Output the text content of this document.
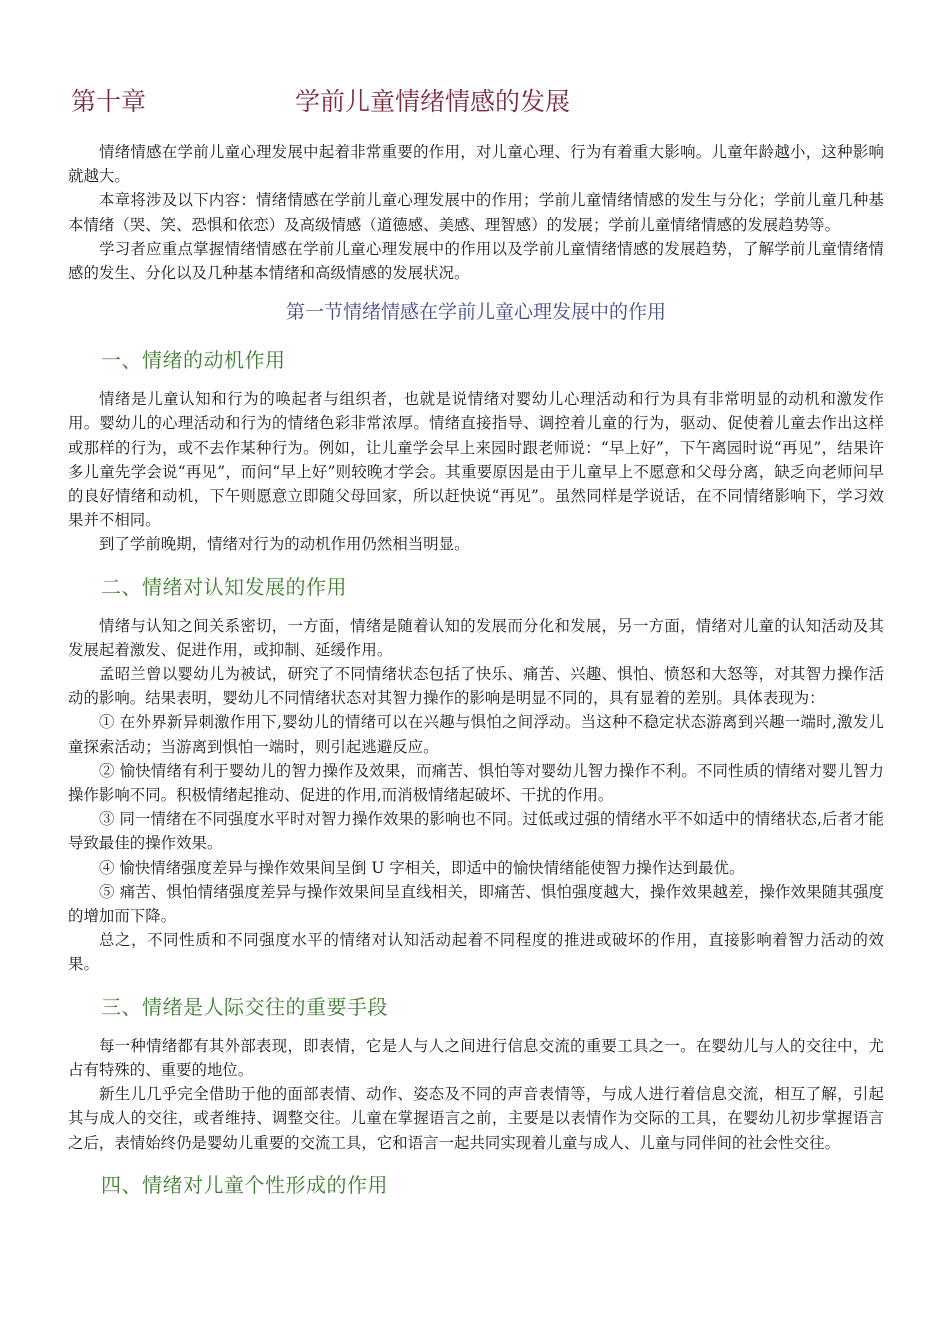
第十章	学前儿童情绪情感的发展

情绪情感在学前儿童心理发展中起着非常重要的作用，对儿童心理、行为有着重大影响。儿童年龄越小，这种影响就越大。

本章将涉及以下内容：情绪情感在学前儿童心理发展中的作用；学前儿童情绪情感的发生与分化；学前儿童几种基本情绪（哭、笑、恐惧和依恋）及高级情感（道德感、美感、理智感）的发展；学前儿童情绪情感的发展趋势等。

学习者应重点掌握情绪情感在学前儿童心理发展中的作用以及学前儿童情绪情感的发展趋势，了解学前儿童情绪情感的发生、分化以及几种基本情绪和高级情感的发展状况。

第一节情绪情感在学前儿童心理发展中的作用
一、情绪的动机作用

情绪是儿童认知和行为的唤起者与组织者，也就是说情绪对婴幼儿心理活动和行为具有非常明显的动机和激发作用。婴幼儿的心理活动和行为的情绪色彩非常浓厚。情绪直接指导、调控着儿童的行为，驱动、促使着儿童去作出这样或那样的行为，或不去作某种行为。例如，让儿童学会早上来园时跟老师说：“早上好”，下午离园时说“再见”，结果许多儿童先学会说“再见”，而问“早上好”则较晚才学会。其重要原因是由于儿童早上不愿意和父母分离，缺乏向老师问早的良好情绪和动机，下午则愿意立即随父母回家，所以赶快说“再见”。虽然同样是学说话，在不同情绪影响下，学习效果并不相同。

到了学前晚期，情绪对行为的动机作用仍然相当明显。

二、情绪对认知发展的作用

情绪与认知之间关系密切，一方面，情绪是随着认知的发展而分化和发展，另一方面，情绪对儿童的认知活动及其发展起着激发、促进作用，或抑制、延缓作用。

孟昭兰曾以婴幼儿为被试，研究了不同情绪状态包括了快乐、痛苦、兴趣、惧怕、愤怒和大怒等，对其智力操作活动的影响。结果表明，婴幼儿不同情绪状态对其智力操作的影响是明显不同的，具有显着的差别。具体表现为：

① 在外界新异刺激作用下,婴幼儿的情绪可以在兴趣与惧怕之间浮动。当这种不稳定状态游离到兴趣一端时,激发儿童探索活动；当游离到惧怕一端时，则引起逃避反应。

② 愉快情绪有利于婴幼儿的智力操作及效果，而痛苦、惧怕等对婴幼儿智力操作不利。不同性质的情绪对婴儿智力操作影响不同。积极情绪起推动、促进的作用,而消极情绪起破坏、干扰的作用。

③ 同一情绪在不同强度水平时对智力操作效果的影响也不同。过低或过强的情绪水平不如适中的情绪状态,后者才能导致最佳的操作效果。

④ 愉快情绪强度差异与操作效果间呈倒 U 字相关，即适中的愉快情绪能使智力操作达到最优。

⑤ 痛苦、惧怕情绪强度差异与操作效果间呈直线相关，即痛苦、惧怕强度越大，操作效果越差，操作效果随其强度的增加而下降。

总之，不同性质和不同强度水平的情绪对认知活动起着不同程度的推进或破坏的作用，直接影响着智力活动的效果。

三、情绪是人际交往的重要手段

每一种情绪都有其外部表现，即表情，它是人与人之间进行信息交流的重要工具之一。在婴幼儿与人的交往中，尤占有特殊的、重要的地位。

新生儿几乎完全借助于他的面部表情、动作、姿态及不同的声音表情等，与成人进行着信息交流，相互了解，引起其与成人的交往，或者维持、调整交往。儿童在掌握语言之前，主要是以表情作为交际的工具，在婴幼儿初步掌握语言之后，表情始终仍是婴幼儿重要的交流工具，它和语言一起共同实现着儿童与成人、儿童与同伴间的社会性交往。

四、情绪对儿童个性形成的作用
